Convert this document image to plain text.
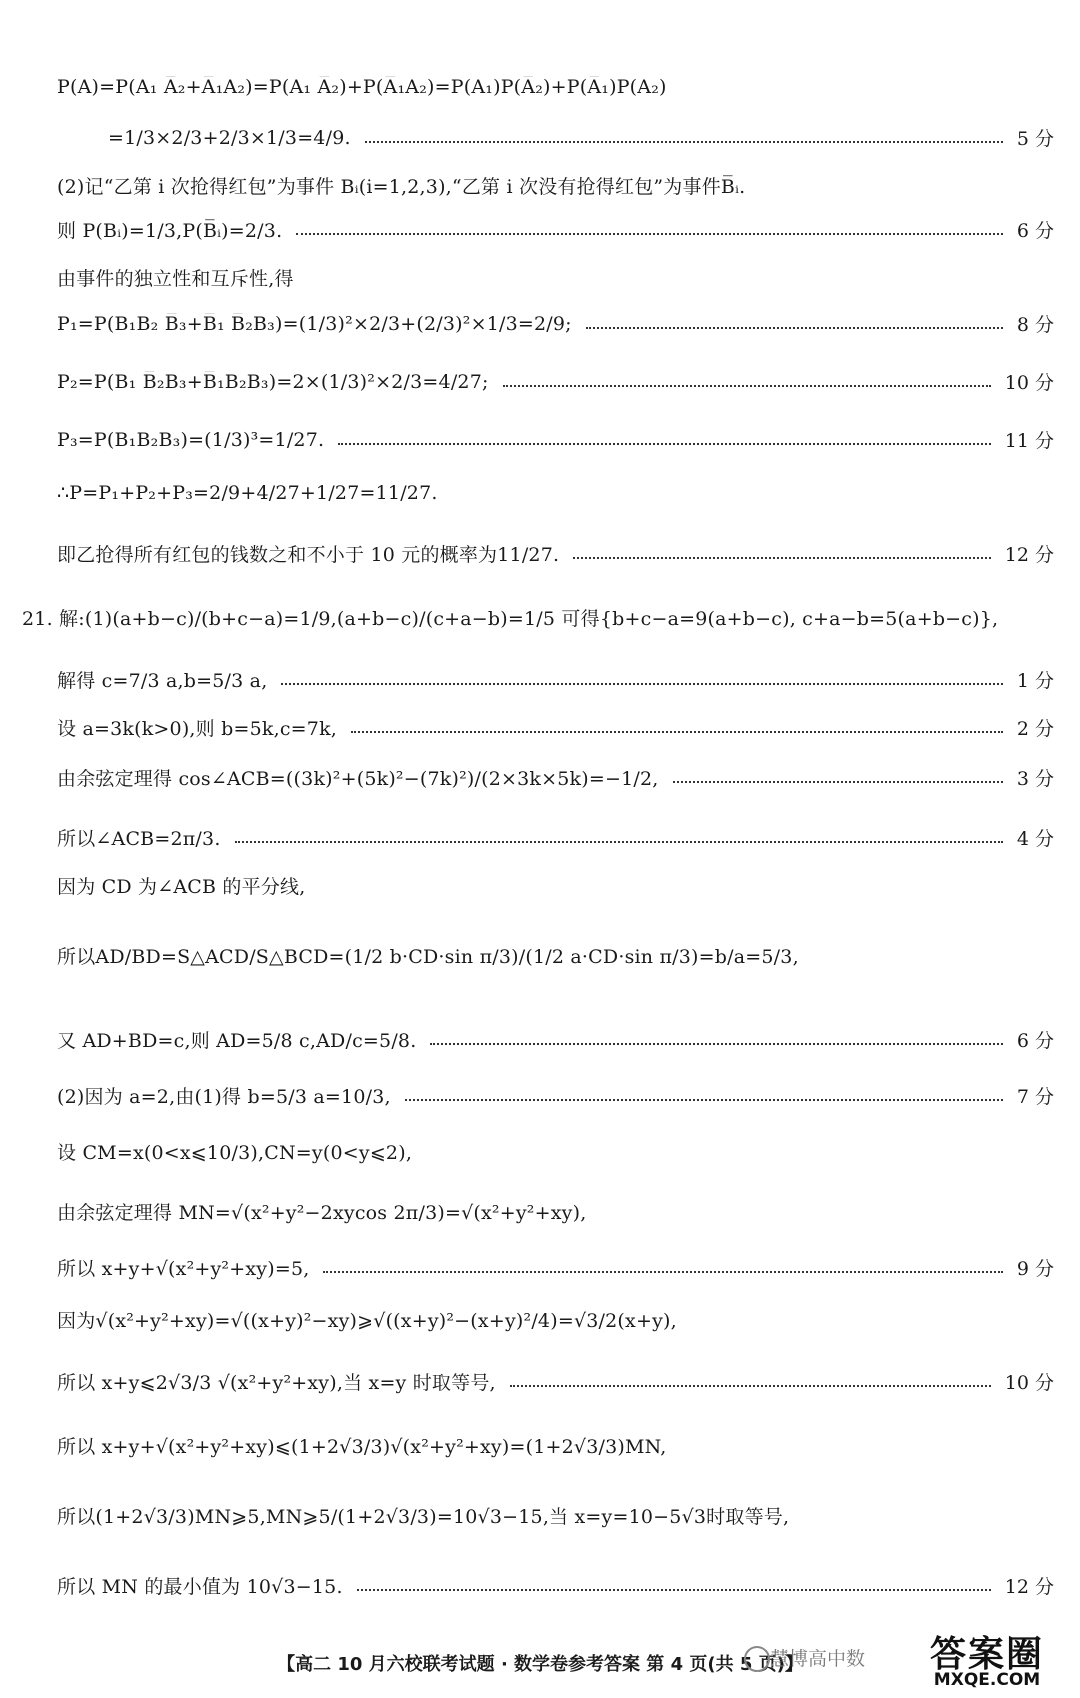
P(A)=P(A₁ A̅₂+A̅₁A₂)=P(A₁ A̅₂)+P(A̅₁A₂)=P(A₁)P(A̅₂)+P(A̅₁)P(A₂)
=1/3×2/3+2/3×1/3=4/9.	5 分
(2)记“乙第 i 次抢得红包”为事件 Bᵢ(i=1,2,3),“乙第 i 次没有抢得红包”为事件B̅ᵢ.
则 P(Bᵢ)=1/3,P(B̅ᵢ)=2/3.	6 分
由事件的独立性和互斥性,得
P₁=P(B₁B₂ B̅₃+B̅₁ B̅₂B₃)=(1/3)²×2/3+(2/3)²×1/3=2/9;	8 分
P₂=P(B₁ B̅₂B₃+B̅₁B₂B₃)=2×(1/3)²×2/3=4/27;	10 分
P₃=P(B₁B₂B₃)=(1/3)³=1/27.	11 分
∴P=P₁+P₂+P₃=2/9+4/27+1/27=11/27.
即乙抢得所有红包的钱数之和不小于 10 元的概率为11/27.	12 分
21. 解:(1)(a+b−c)/(b+c−a)=1/9,(a+b−c)/(c+a−b)=1/5 可得{b+c−a=9(a+b−c), c+a−b=5(a+b−c)},
解得 c=7/3 a,b=5/3 a,	1 分
设 a=3k(k>0),则 b=5k,c=7k,	2 分
由余弦定理得 cos∠ACB=((3k)²+(5k)²−(7k)²)/(2×3k×5k)=−1/2,	3 分
所以∠ACB=2π/3.	4 分
因为 CD 为∠ACB 的平分线,
所以AD/BD=S△ACD/S△BCD=(1/2 b·CD·sin π/3)/(1/2 a·CD·sin π/3)=b/a=5/3,
又 AD+BD=c,则 AD=5/8 c,AD/c=5/8.	6 分
(2)因为 a=2,由(1)得 b=5/3 a=10/3,	7 分
设 CM=x(0<x⩽10/3),CN=y(0<y⩽2),
由余弦定理得 MN=√(x²+y²−2xycos 2π/3)=√(x²+y²+xy),
所以 x+y+√(x²+y²+xy)=5,	9 分
因为√(x²+y²+xy)=√((x+y)²−xy)⩾√((x+y)²−(x+y)²/4)=√3/2(x+y),
所以 x+y⩽2√3/3 √(x²+y²+xy),当 x=y 时取等号,	10 分
所以 x+y+√(x²+y²+xy)⩽(1+2√3/3)√(x²+y²+xy)=(1+2√3/3)MN,
所以(1+2√3/3)MN⩾5,MN⩾5/(1+2√3/3)=10√3−15,当 x=y=10−5√3时取等号,
所以 MN 的最小值为 10√3−15.	12 分
【高二 10 月六校联考试题 · 数学卷参考答案 第 4 页(共 5 页)】
慧博高中数	答案圈
MXQE.COM
